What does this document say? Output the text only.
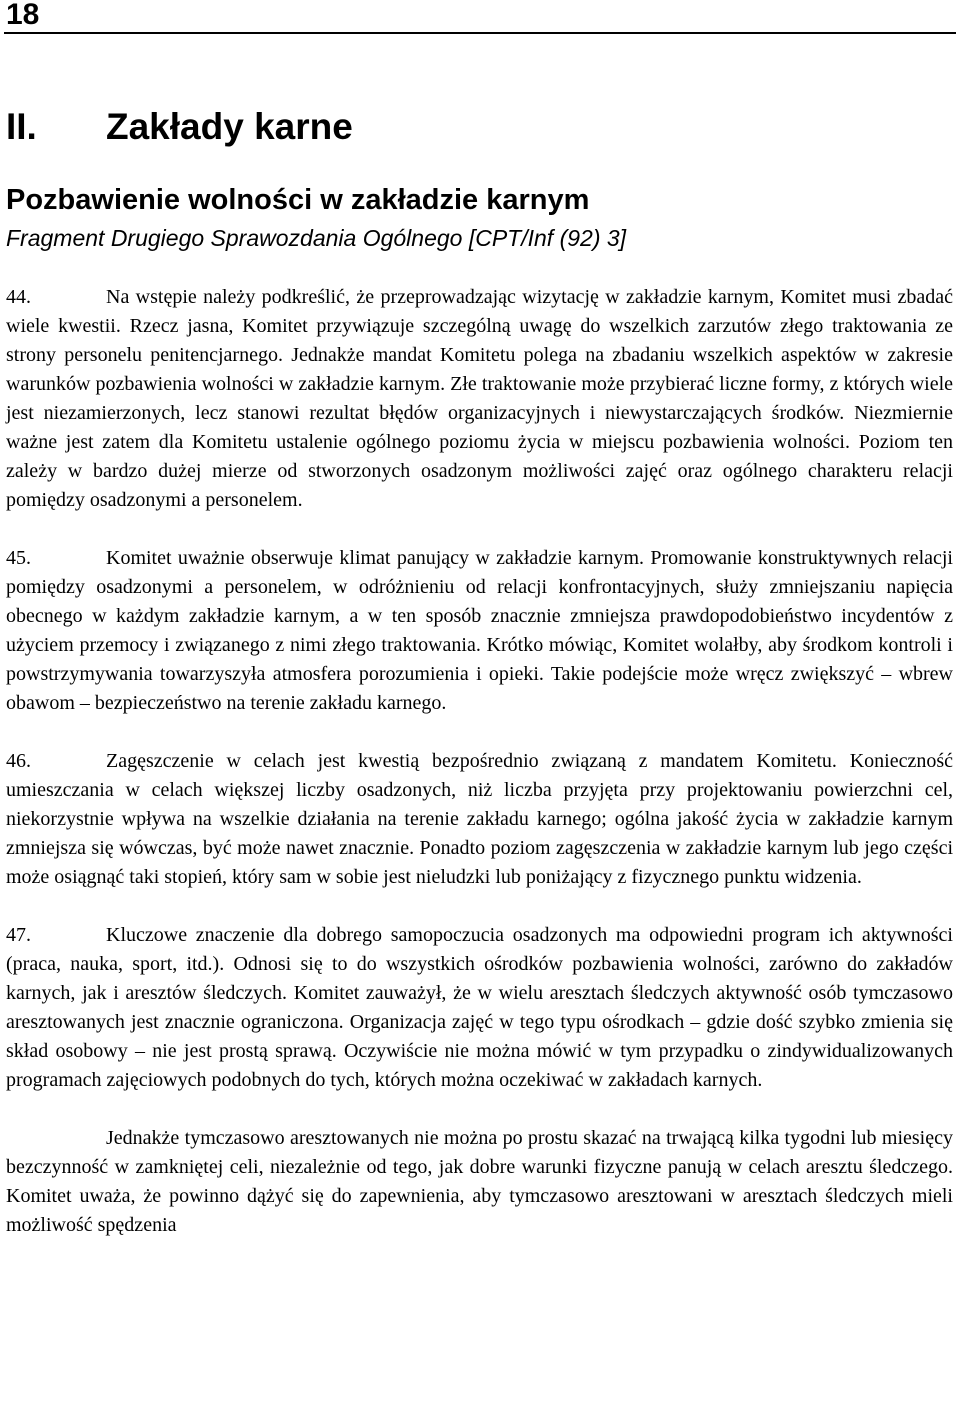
18
II. Zakłady karne
Pozbawienie wolności w zakładzie karnym
Fragment Drugiego Sprawozdania Ogólnego [CPT/Inf (92) 3]

44.	Na wstępie należy podkreślić, że przeprowadzając wizytację w zakładzie karnym, Komitet musi zbadać wiele kwestii. Rzecz jasna, Komitet przywiązuje szczególną uwagę do wszelkich zarzutów złego traktowania ze strony personelu penitencjarnego. Jednakże mandat Komitetu polega na zbadaniu wszelkich aspektów w zakresie warunków pozbawienia wolności w zakładzie karnym. Złe traktowanie może przybierać liczne formy, z których wiele jest niezamierzonych, lecz stanowi rezultat błędów organizacyjnych i niewystarczających środków. Niezmiernie ważne jest zatem dla Komitetu ustalenie ogólnego poziomu życia w miejscu pozbawienia wolności. Poziom ten zależy w bardzo dużej mierze od stworzonych osadzonym możliwości zajęć oraz ogólnego charakteru relacji pomiędzy osadzonymi a personelem.

45.	Komitet uważnie obserwuje klimat panujący w zakładzie karnym. Promowanie konstruktywnych relacji pomiędzy osadzonymi a personelem, w odróżnieniu od relacji konfrontacyjnych, służy zmniejszaniu napięcia obecnego w każdym zakładzie karnym, a w ten sposób znacznie zmniejsza prawdopodobieństwo incydentów z użyciem przemocy i związanego z nimi złego traktowania. Krótko mówiąc, Komitet wolałby, aby środkom kontroli i powstrzymywania towarzyszyła atmosfera porozumienia i opieki. Takie podejście może wręcz zwiększyć – wbrew obawom – bezpieczeństwo na terenie zakładu karnego.

46.	Zagęszczenie w celach jest kwestią bezpośrednio związaną z mandatem Komitetu. Konieczność umieszczania w celach większej liczby osadzonych, niż liczba przyjęta przy projektowaniu powierzchni cel, niekorzystnie wpływa na wszelkie działania na terenie zakładu karnego; ogólna jakość życia w zakładzie karnym zmniejsza się wówczas, być może nawet znacznie. Ponadto poziom zagęszczenia w zakładzie karnym lub jego części może osiągnąć taki stopień, który sam w sobie jest nieludzki lub poniżający z fizycznego punktu widzenia.

47.	Kluczowe znaczenie dla dobrego samopoczucia osadzonych ma odpowiedni program ich aktywności (praca, nauka, sport, itd.). Odnosi się to do wszystkich ośrodków pozbawienia wolności, zarówno do zakładów karnych, jak i aresztów śledczych. Komitet zauważył, że w wielu aresztach śledczych aktywność osób tymczasowo aresztowanych jest znacznie ograniczona. Organizacja zajęć w tego typu ośrodkach – gdzie dość szybko zmienia się skład osobowy – nie jest prostą sprawą. Oczywiście nie można mówić w tym przypadku o zindywidualizowanych programach zajęciowych podobnych do tych, których można oczekiwać w zakładach karnych.

Jednakże tymczasowo aresztowanych nie można po prostu skazać na trwającą kilka tygodni lub miesięcy bezczynność w zamkniętej celi, niezależnie od tego, jak dobre warunki fizyczne panują w celach aresztu śledczego. Komitet uważa, że powinno dążyć się do zapewnienia, aby tymczasowo aresztowani w aresztach śledczych mieli możliwość spędzenia
